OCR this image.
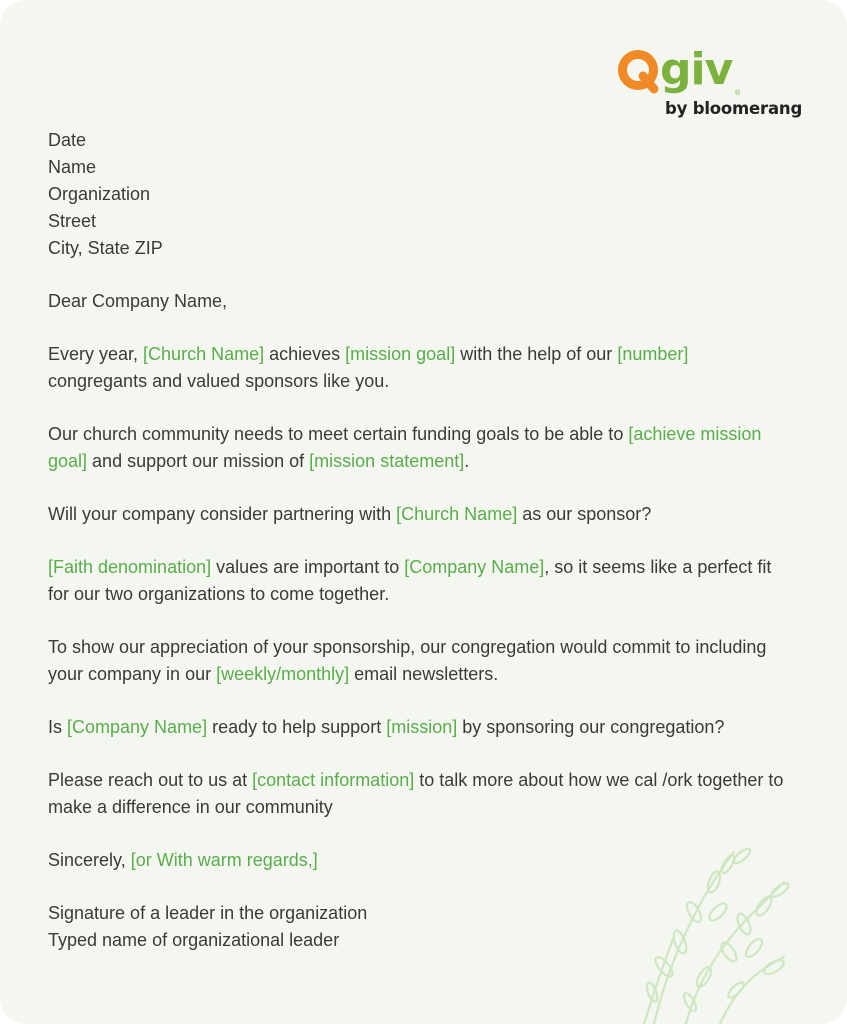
giv ®
by bloomerang

Date
Name
Organization
Street
City, State ZIP

Dear Company Name,

Every year, [Church Name] achieves [mission goal] with the help of our [number]
congregants and valued sponsors like you.

Our church community needs to meet certain funding goals to be able to [achieve mission goal] and support our mission of [mission statement].

Will your company consider partnering with [Church Name] as our sponsor?

[Faith denomination] values are important to [Company Name], so it seems like a perfect fit for our two organizations to come together.

To show our appreciation of your sponsorship, our congregation would commit to including your company in our [weekly/monthly] email newsletters.

Is [Company Name] ready to help support [mission] by sponsoring our congregation?

Please reach out to us at [contact information] to talk more about how we cal /ork together to make a difference in our community

Sincerely, [or With warm regards,]

Signature of a leader in the organization
Typed name of organizational leader
